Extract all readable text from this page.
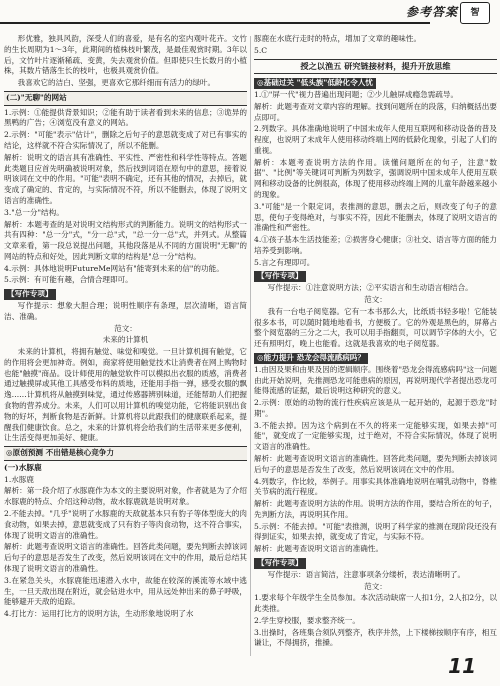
参考答案	智

形优雅，独具风韵，深受人们的喜爱，是有名的室内观叶花卉。文竹的生长周期为1～3年，此期间的植株枝叶繁茂，是最佳观赏时期。3年以后，文竹叶片逐渐稀疏、变黄，失去观赏价值。但即使只生长数月的小植株，其数片错落生长的枝叶，也极具观赏价值。

我喜欢它的洁白、坚强，更喜欢它那纤细而有活力的绿叶。

(二)"无聊"的网站

1.示例：①能提供背景知识；②能有助于读者看到未来的信息；③诡异的黑鸭的广告；④浏览没有意义的网站。

2.示例："可能"表示"估计"，删除之后句子的意思就变成了对已有事实的结论，这样就不符合实际情况了，所以不能删。

解析：说明文的语言具有准确性、平实性、严密性和科学性等特点。答题此类题目应首先明确被说明对象，然后找到词语在原句中的意思，接着说明该词在文中的作用。"可能"表明不确定，还有其他的情况，去掉后，就变成了确定的、肯定的，与实际情况不符，所以不能删去，体现了说明文语言的准确性。

3."总一分"结构。

解析：本题考查的是对说明文结构形式的判断能力。说明文的结构形式一共有四种："总一分"式，"分一总"式，"总一分一总"式，并列式。从整篇文章来看，第一段总说提出问题，其他段落是从不同的方面说明"无聊"的网站的特点和好处，因此判断文章的结构是"总一分"结构。

4.示例：具体地说明FutureMe网站有"能寄到未来的信"的功能。

5.示例：有可能有趣，合情合理即可。

【写作专项】

写作提示：想象大胆合理；说明性顺序有条理，层次清晰，语言简洁、准确。

范文：

未来的计算机

未来的计算机，将拥有触觉、味觉和嗅觉。一旦计算机拥有触觉，它的作用将会更加神奇。例如，商家将使用触觉技术让消费者在网上购物时也能"触摸"商品。设计师使用的触觉软件可以模拟出衣服的质感，消费者通过触摸屏或其他工具感受布料的质地，还能用手指一弹，感受衣服的飘逸……计算机将从触摸到味觉，通过传感器辨别味道，还能帮助人们把握食物的营养成分。未来，人们可以用计算机的嗅觉功能，它将能识别出食物的好坏，判断食物是否新鲜。计算机将以此跟我们的健康联系起来，提醒我们健康饮食。总之，未来的计算机将会给我们的生活带来更多便利，让生活变得更加美好、健康。

◎原创预测 不出错是核心竞争力

(一)水豚鹿

1.水豚鹿

解析：第一段介绍了水豚鹿作为本文的主要说明对象，作者就是为了介绍水豚鹿的特点、介绍这种动物，故水豚鹿就是说明对象。

2.不能去掉。"几乎"说明了水豚鹿的天敌就基本只有豹子等体型庞大的肉食动物，如果去掉，意思就变成了只有豹子等肉食动物，这不符合事实，体现了说明文语言的准确性。

解析：此题考查说明文语言的准确性。回答此类问题，要先判断去掉该词后句子的意思是否发生了改变，然后说明该词在文中的作用，最后总结其体现了说明文语言的准确性。

3.在紧急关头，水豚鹿能迅速潜入水中，故能在较深的溪流等水域中逃生，一旦天敌出现在附近，就会钻进水中，用从远处伸出来的鼻子呼吸，能够避开天敌的追踪。

4.打比方：运用打比方的说明方法，生动形象地说明了水

豚鹿在水底行走时的特点，增加了文章的趣味性。

5.C

授之以渔五 研究链接材料，提升开放思维
◎基础过关 "低头族"低龄化令人忧

1.①"屏一代"视力普遍出现问题；②少儿触屏成瘾急需疏导。

解析：此题考查对文章内容的理解。找到问题所在的段落，归纳概括出要点即可。

2.列数字。具体准确地说明了中国未成年人使用互联网和移动设备的普及程度，也说明了未成年人使用移动终端上网的低龄化现象，引起了人们的重视。

解析：本题考查说明方法的作用。读懂问题所在的句子，注意"数据"、"比例"等关键词可判断为列数字，强调说明中国未成年人使用互联网和移动设备的比例很高，体现了使用移动终端上网的儿童年龄越来越小的现象。

3."可能"是一个限定词，表推测的意思，删去之后，则改变了句子的意思，使句子变得绝对，与事实不符，因此不能删去，体现了说明文语言的准确性和严密性。

4.①孩子基本生活技能差；②损害身心健康；③社交、语言等方面的能力培养受到影响。

5.言之有理即可。

【写作专项】

写作提示：①注意说明方法；②平实语言和生动语言相结合。

范文：

我有一台电子阅览器。它有一本书那么大，比纸质书轻多啦！它能装很多本书，可以随时随地地看书，方便极了。它的外观是黑色的，屏幕占整个阅览器的三分之二大，我可以用手指翻页，可以调节字体的大小，它还有照明灯，晚上也能看。这就是我喜欢的电子阅览器。

◎能力提升 恐龙会得流感病吗？

1.由因及果和由果及因的逻辑顺序。围绕着"恐龙会得流感病吗"这一问题由此开始说明，先推测恐龙可能患病的原因，再说明现代学者提出恐龙可能得流感的证据，最后说明这种研究的意义。

2.示例：原始的动物的流行性疾病应该是从一起开始的，起源于恐龙"时期"。

3.不能去掉。因为这个病到在不久的将来一定能够实现，如果去掉"可能"，就变成了一定能够实现，过于绝对，不符合实际情况，体现了说明文语言的准确性。

解析：此题考查说明文语言的准确性。回答此类问题，要先判断去掉该词后句子的意思是否发生了改变，然后说明该词在文中的作用。

4.列数字，作比较，举例子。用事实具体准确地说明在哺乳动物中，脊椎关节病的流行程度。

解析：此题考查说明方法的作用。说明方法的作用，要结合所在的句子，先判断方法，再说明其作用。

5.示例：不能去掉。"可能"表推测，说明了科学家的推测在现阶段还没有得到证实，如果去掉，就变成了肯定，与实际不符。

解析：此题考查说明文语言的准确性。

【写作专项】

写作提示：语言简洁，注意事项条分缕析，表达清晰明了。

范文：

1.要求每个年级学生全员参加。本次活动缺席一人扣1分，2人扣2分，以此类推。

2.学生穿校服，要求整齐统一。

3.出操时，各班集合须队列整齐，秩序井然，上下楼梯按顺序有序，相互谦让，不得拥挤，推搡。

11
